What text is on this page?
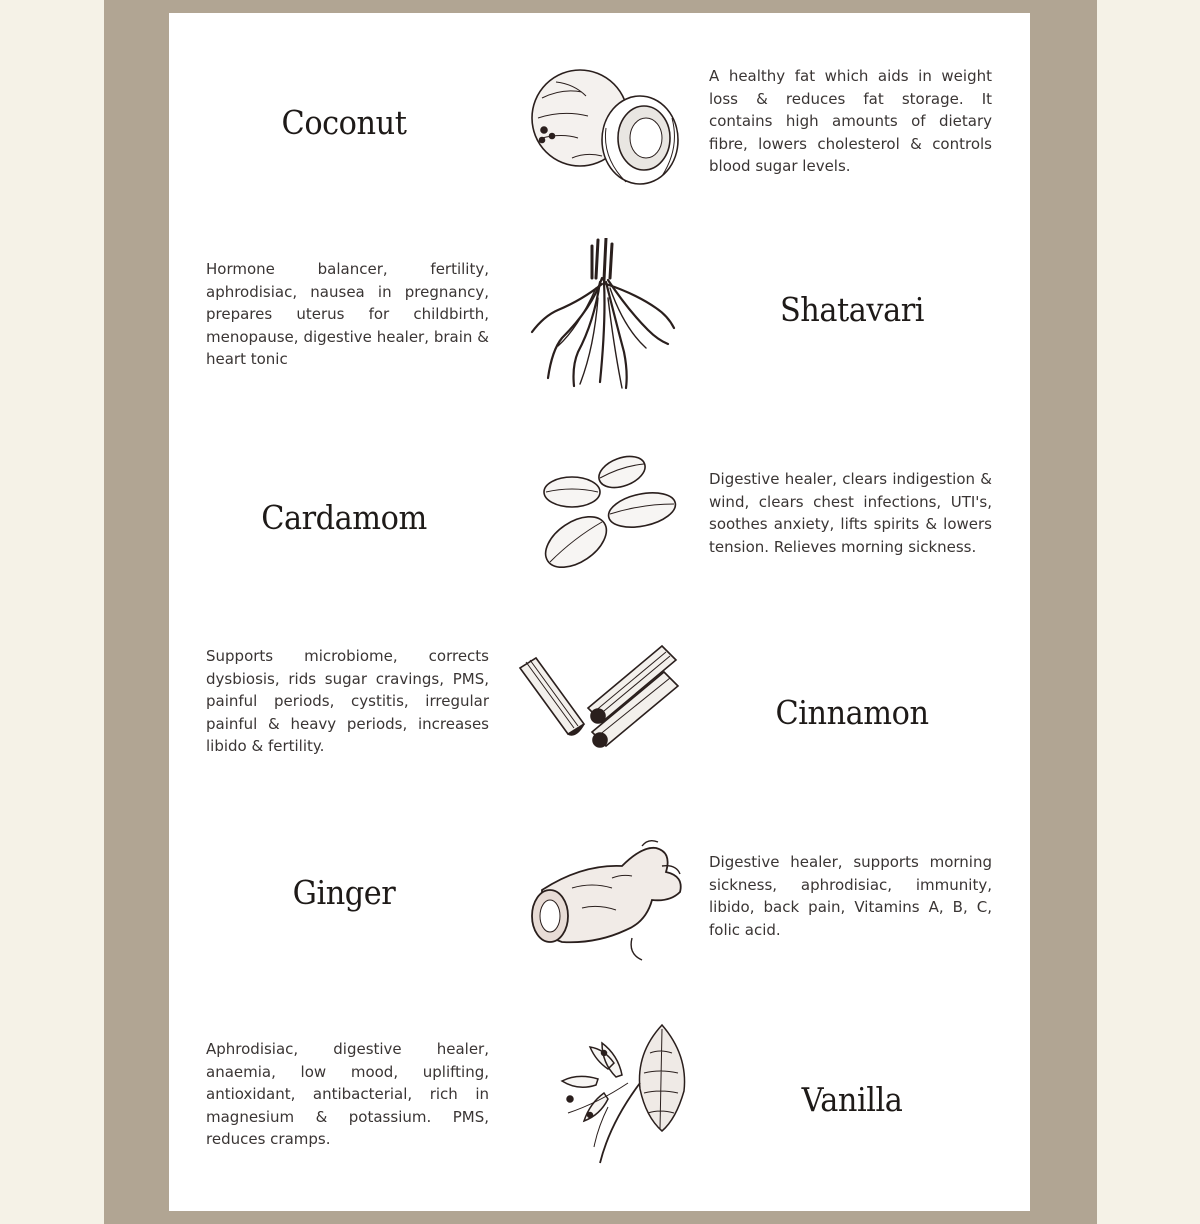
Coconut
A healthy fat which aids in weight loss & reduces fat storage. It contains high amounts of dietary fibre, lowers cholesterol & controls blood sugar levels.
Hormone balancer, fertility, aphrodisiac, nausea in pregnancy, prepares uterus for childbirth, menopause, digestive healer, brain & heart tonic
Shatavari
Cardamom
Digestive healer, clears indigestion & wind, clears chest infections, UTI's, soothes anxiety, lifts spirits & lowers tension. Relieves morning sickness.
Supports microbiome, corrects dysbiosis, rids sugar cravings, PMS, painful periods, cystitis, irregular painful & heavy periods, increases libido & fertility.
Cinnamon
Ginger
Digestive healer, supports morning sickness, aphrodisiac, immunity, libido, back pain, Vitamins A, B, C, folic acid.
Aphrodisiac, digestive healer, anaemia, low mood, uplifting, antioxidant, antibacterial, rich in magnesium & potassium. PMS, reduces cramps.
Vanilla
